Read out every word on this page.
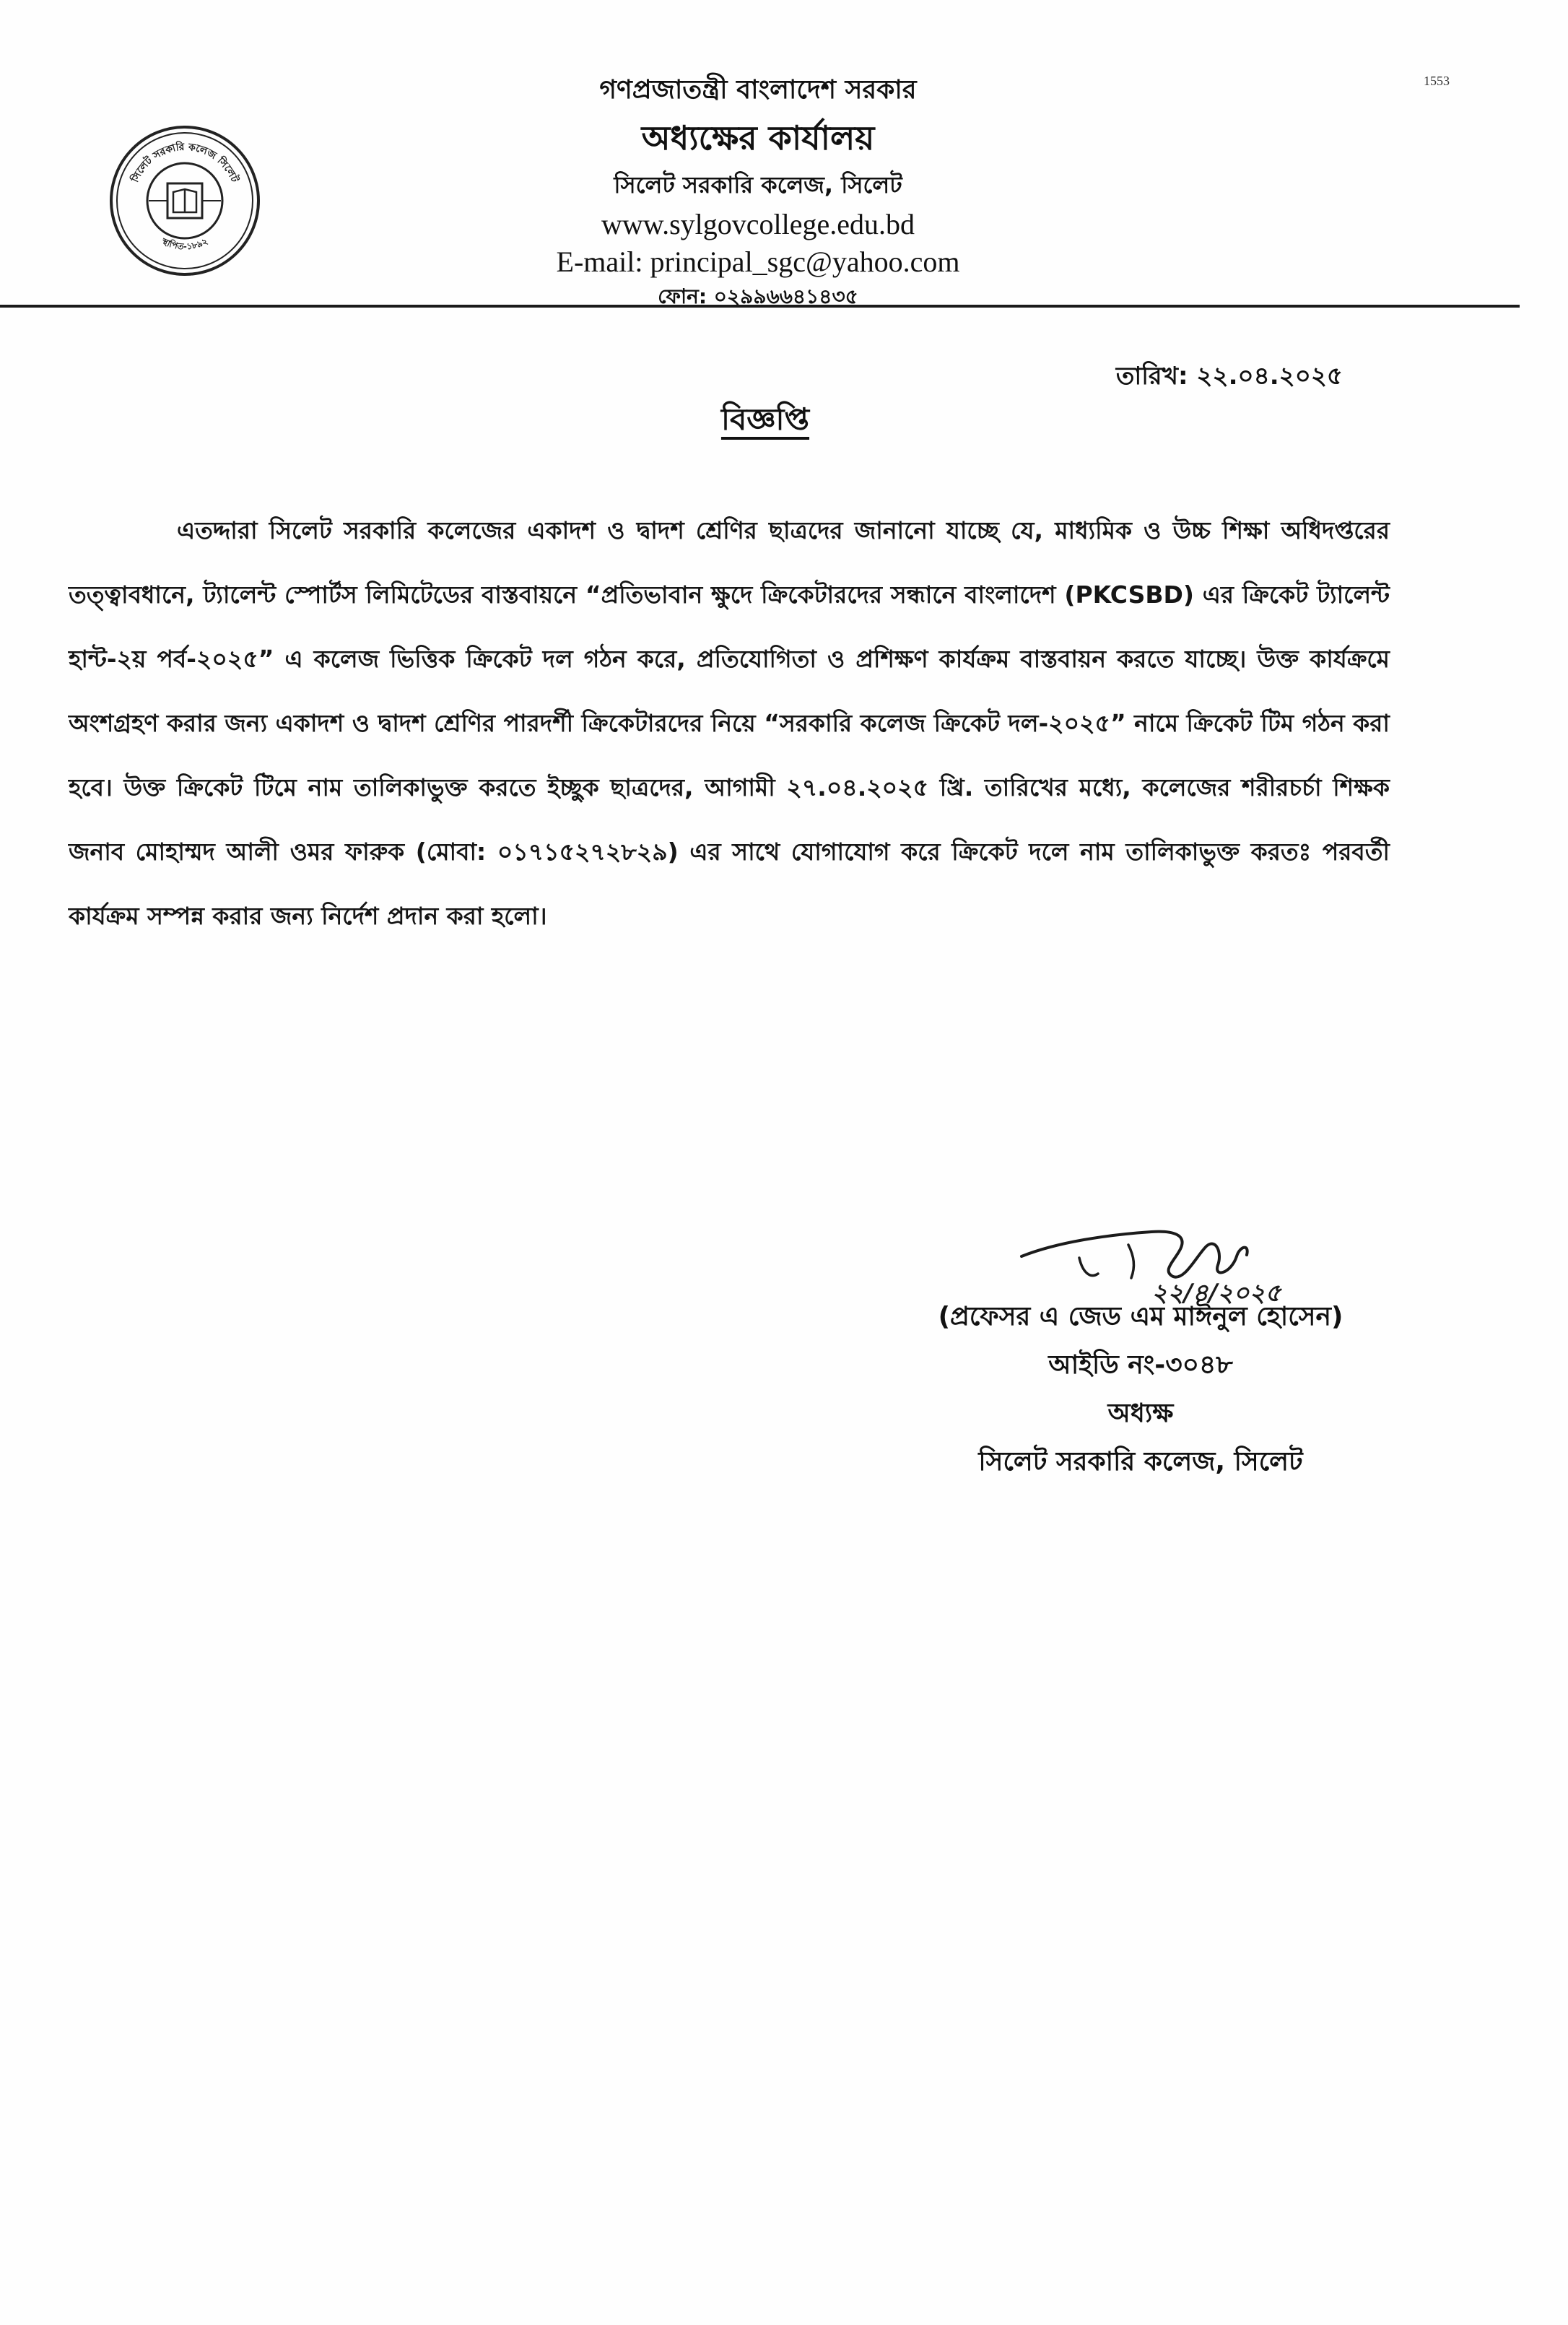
সিলেট সরকারি কলেজ সিলেট
স্থাপিত-১৮৯২
গণপ্রজাতন্ত্রী বাংলাদেশ সরকার
অধ্যক্ষের কার্যালয়
সিলেট সরকারি কলেজ, সিলেট
www.sylgovcollege.edu.bd
E-mail: principal_sgc@yahoo.com
ফোন: ০২৯৯৬৬৪১৪৩৫
1553
তারিখ: ২২.০৪.২০২৫
বিজ্ঞপ্তি
এতদ্দারা সিলেট সরকারি কলেজের একাদশ ও দ্বাদশ শ্রেণির ছাত্রদের জানানো যাচ্ছে যে, মাধ্যমিক ও উচ্চ শিক্ষা অধিদপ্তরের তত্ত্বাবধানে, ট্যালেন্ট স্পোর্টস লিমিটেডের বাস্তবায়নে “প্রতিভাবান ক্ষুদে ক্রিকেটারদের সন্ধানে বাংলাদেশ (PKCSBD) এর ক্রিকেট ট্যালেন্ট হান্ট-২য় পর্ব-২০২৫” এ কলেজ ভিত্তিক ক্রিকেট দল গঠন করে, প্রতিযোগিতা ও প্রশিক্ষণ কার্যক্রম বাস্তবায়ন করতে যাচ্ছে। উক্ত কার্যক্রমে অংশগ্রহণ করার জন্য একাদশ ও দ্বাদশ শ্রেণির পারদর্শী ক্রিকেটারদের নিয়ে “সরকারি কলেজ ক্রিকেট দল-২০২৫” নামে ক্রিকেট টিম গঠন করা হবে। উক্ত ক্রিকেট টিমে নাম তালিকাভুক্ত করতে ইচ্ছুক ছাত্রদের, আগামী ২৭.০৪.২০২৫ খ্রি. তারিখের মধ্যে, কলেজের শরীরচর্চা শিক্ষক জনাব মোহাম্মদ আলী ওমর ফারুক (মোবা: ০১৭১৫২৭২৮২৯) এর সাথে যোগাযোগ করে ক্রিকেট দলে নাম তালিকাভুক্ত করতঃ পরবর্তী কার্যক্রম সম্পন্ন করার জন্য নির্দেশ প্রদান করা হলো।
২২/৪/২০২৫
(প্রফেসর এ জেড এম মাঈনুল হোসেন)
আইডি নং-৩০৪৮
অধ্যক্ষ
সিলেট সরকারি কলেজ, সিলেট
